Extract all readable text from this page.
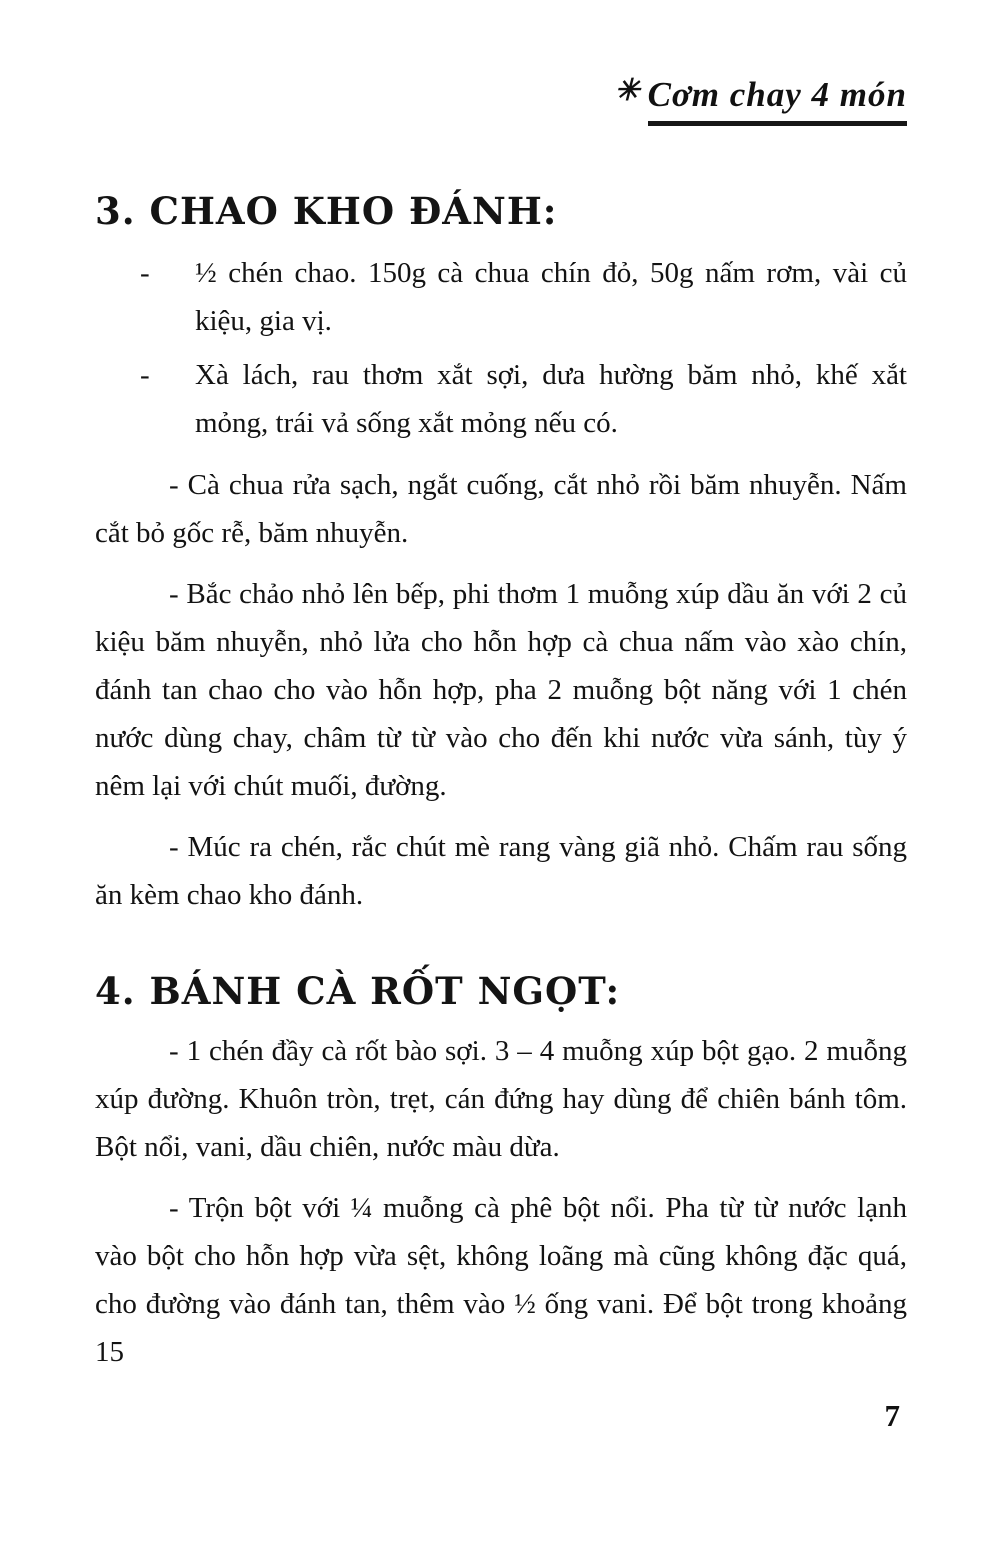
✳ Cơm chay 4 món
3. CHAO KHO ĐÁNH:
- ½ chén chao. 150g cà chua chín đỏ, 50g nấm rơm, vài củ kiệu, gia vị.
- Xà lách, rau thơm xắt sợi, dưa hường băm nhỏ, khế xắt mỏng, trái vả sống xắt mỏng nếu có.

- Cà chua rửa sạch, ngắt cuống, cắt nhỏ rồi băm nhuyễn. Nấm cắt bỏ gốc rễ, băm nhuyễn.

- Bắc chảo nhỏ lên bếp, phi thơm 1 muỗng xúp dầu ăn với 2 củ kiệu băm nhuyễn, nhỏ lửa cho hỗn hợp cà chua nấm vào xào chín, đánh tan chao cho vào hỗn hợp, pha 2 muỗng bột năng với 1 chén nước dùng chay, châm từ từ vào cho đến khi nước vừa sánh, tùy ý nêm lại với chút muối, đường.

- Múc ra chén, rắc chút mè rang vàng giã nhỏ. Chấm rau sống ăn kèm chao kho đánh.

4. BÁNH CÀ RỐT NGỌT:

- 1 chén đầy cà rốt bào sợi. 3 – 4 muỗng xúp bột gạo. 2 muỗng xúp đường. Khuôn tròn, trẹt, cán đứng hay dùng để chiên bánh tôm. Bột nổi, vani, dầu chiên, nước màu dừa.

- Trộn bột với ¼ muỗng cà phê bột nổi. Pha từ từ nước lạnh vào bột cho hỗn hợp vừa sệt, không loãng mà cũng không đặc quá, cho đường vào đánh tan, thêm vào ½ ống vani. Để bột trong khoảng 15

7
